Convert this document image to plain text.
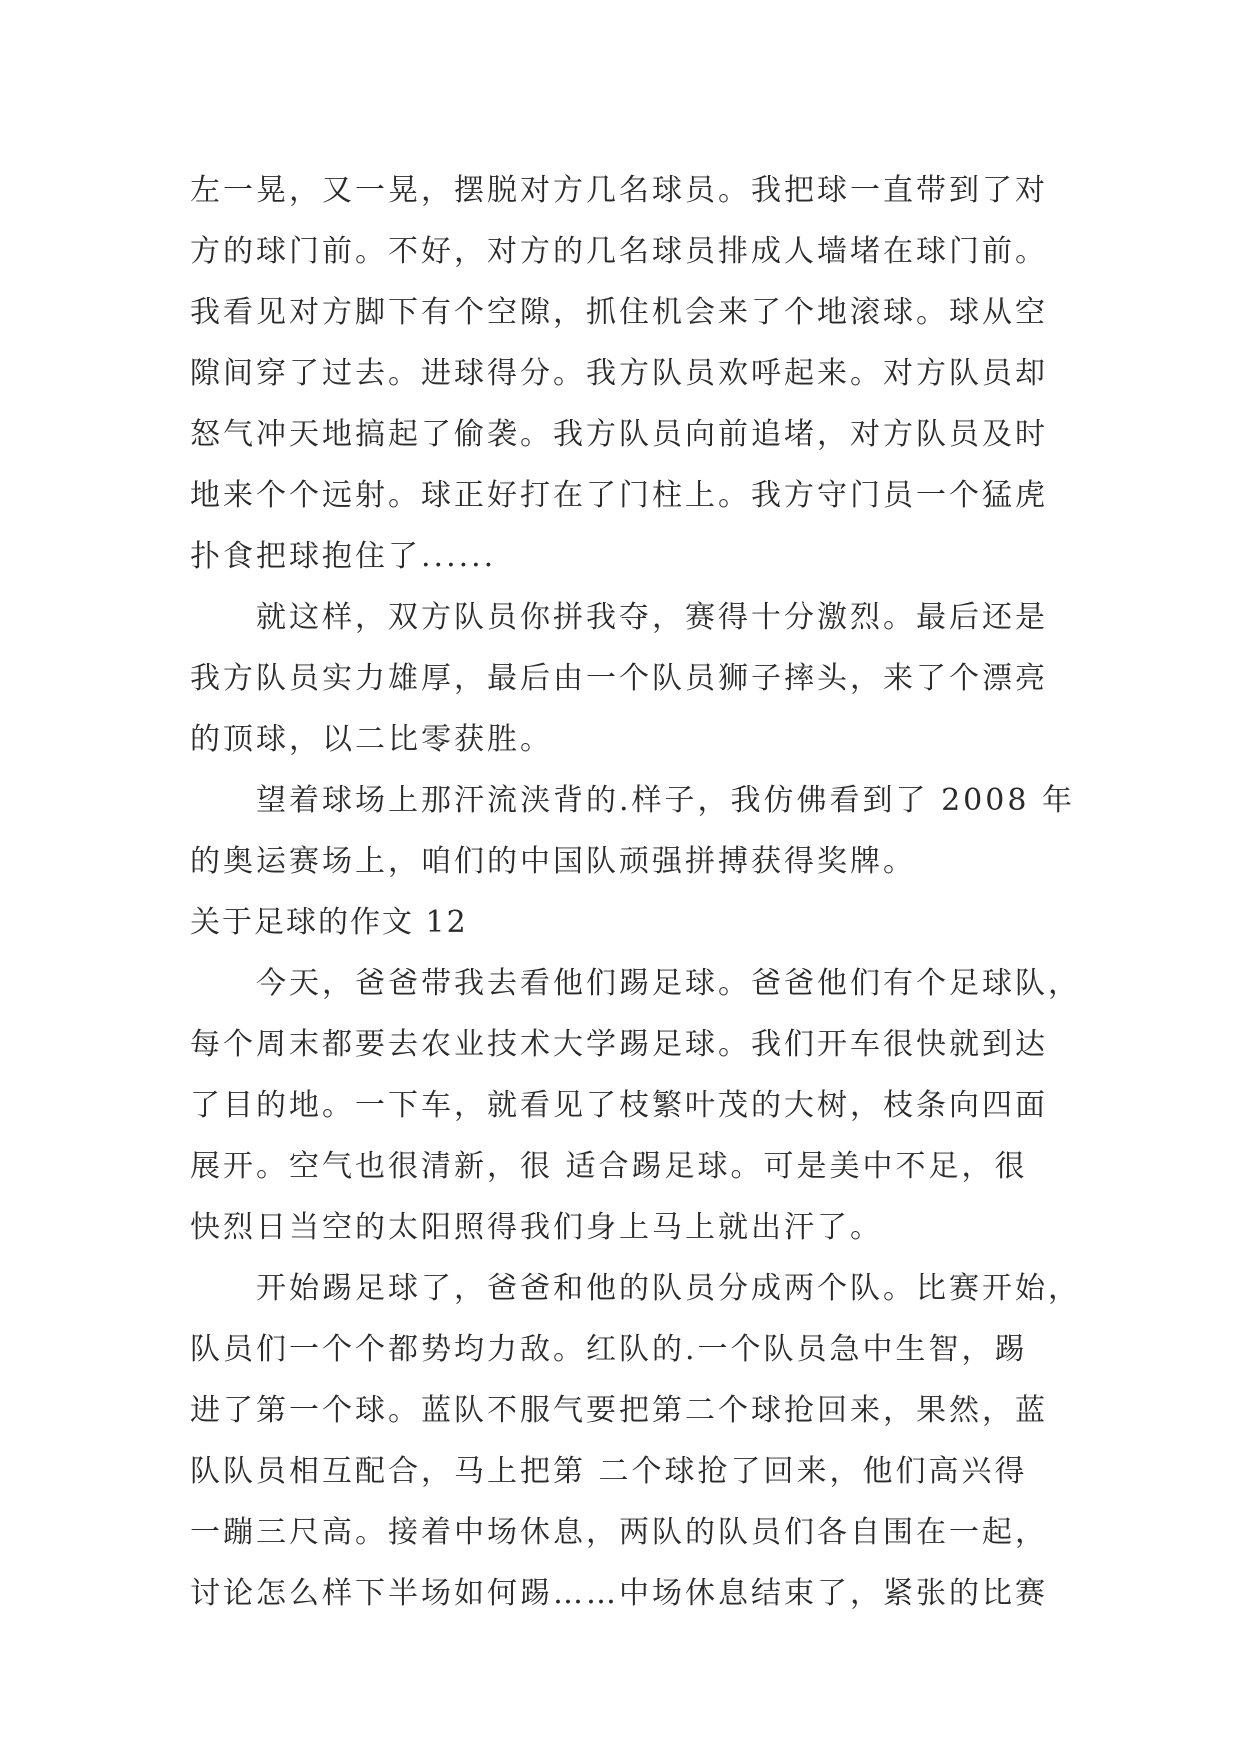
左一晃，又一晃，摆脱对方几名球员。我把球一直带到了对
方的球门前。不好，对方的几名球员排成人墙堵在球门前。
我看见对方脚下有个空隙，抓住机会来了个地滚球。球从空
隙间穿了过去。进球得分。我方队员欢呼起来。对方队员却
怒气冲天地搞起了偷袭。我方队员向前追堵，对方队员及时
地来个个远射。球正好打在了门柱上。我方守门员一个猛虎
扑食把球抱住了......
就这样，双方队员你拼我夺，赛得十分激烈。最后还是
我方队员实力雄厚，最后由一个队员狮子摔头，来了个漂亮
的顶球，以二比零获胜。
望着球场上那汗流浃背的.样子，我仿佛看到了 2008 年
的奥运赛场上，咱们的中国队顽强拼搏获得奖牌。
关于足球的作文 12
今天，爸爸带我去看他们踢足球。爸爸他们有个足球队，
每个周末都要去农业技术大学踢足球。我们开车很快就到达
了目的地。一下车，就看见了枝繁叶茂的大树，枝条向四面
展开。空气也很清新，很 适合踢足球。可是美中不足，很
快烈日当空的太阳照得我们身上马上就出汗了。
开始踢足球了，爸爸和他的队员分成两个队。比赛开始，
队员们一个个都势均力敌。红队的.一个队员急中生智，踢
进了第一个球。蓝队不服气要把第二个球抢回来，果然，蓝
队队员相互配合，马上把第 二个球抢了回来，他们高兴得
一蹦三尺高。接着中场休息，两队的队员们各自围在一起，
讨论怎么样下半场如何踢……中场休息结束了，紧张的比赛
